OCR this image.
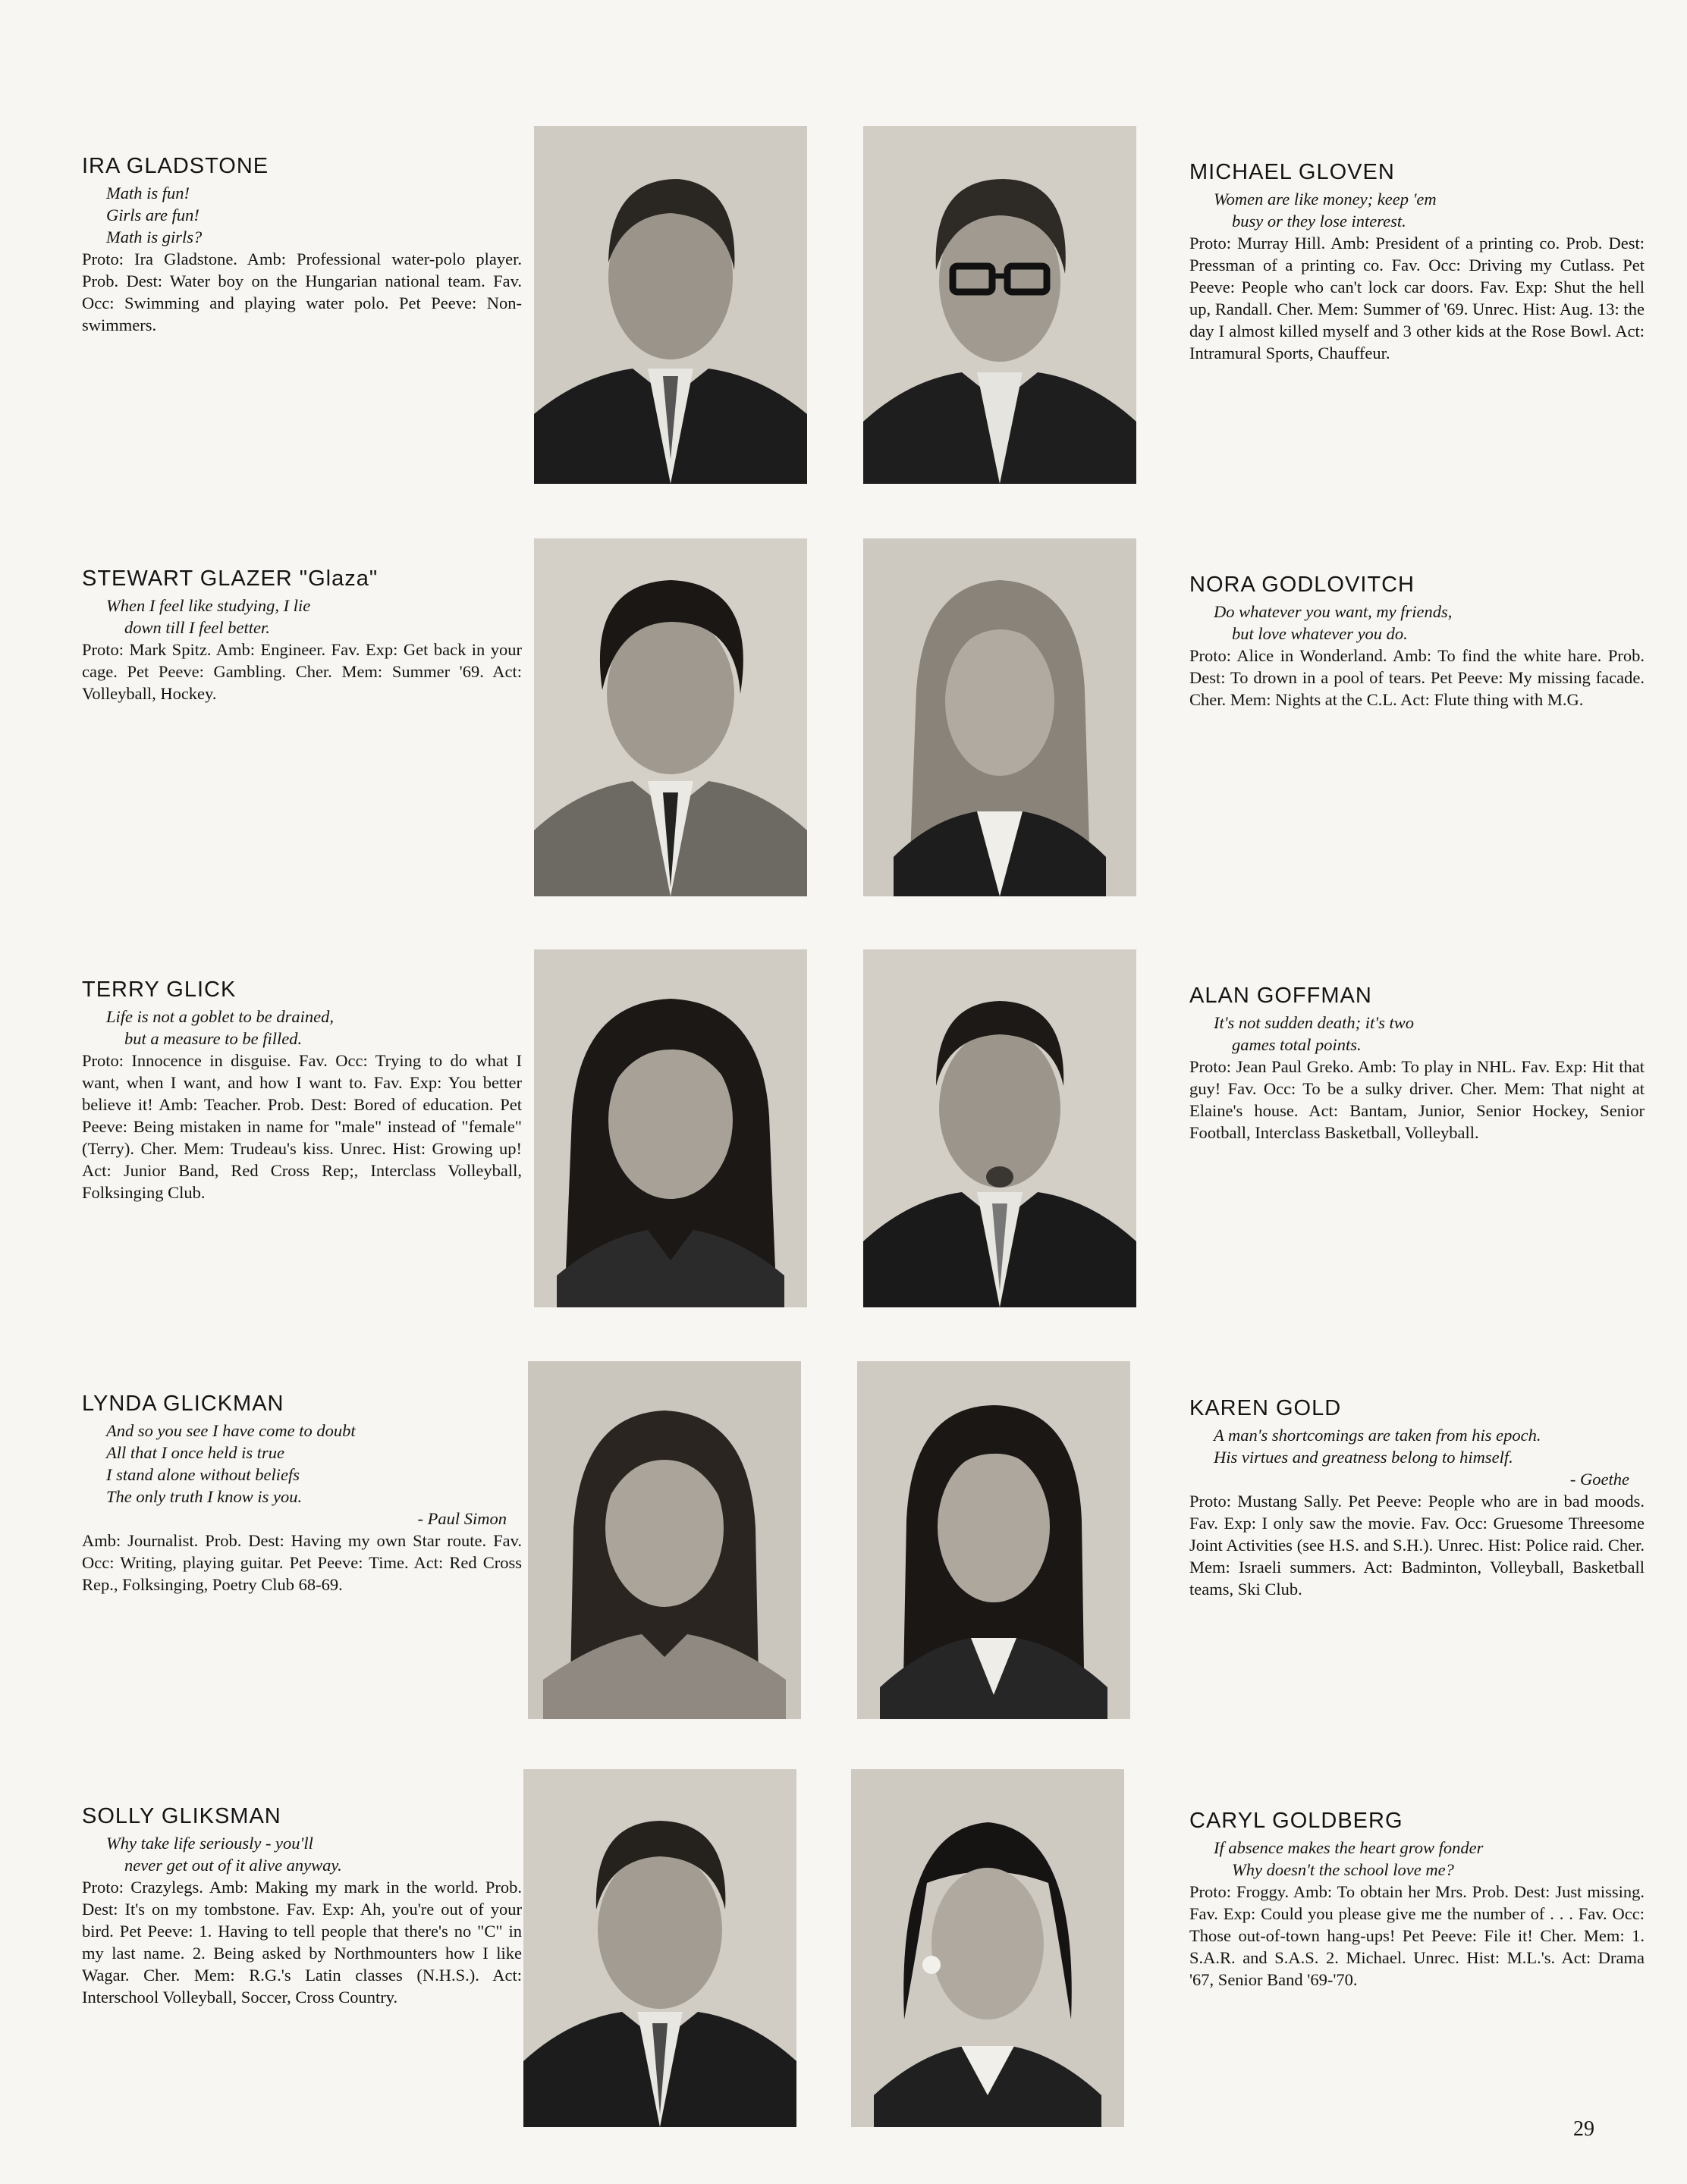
IRA GLADSTONE
Math is fun!
Girls are fun!
Math is girls?
Proto: Ira Gladstone. Amb: Professional water-polo player. Prob. Dest: Water boy on the Hungarian national team. Fav. Occ: Swimming and playing water polo. Pet Peeve: Non-swimmers.
MICHAEL GLOVEN
Women are like money; keep 'em
busy or they lose interest.
Proto: Murray Hill. Amb: President of a printing co. Prob. Dest: Pressman of a printing co. Fav. Occ: Driving my Cutlass. Pet Peeve: People who can't lock car doors. Fav. Exp: Shut the hell up, Randall. Cher. Mem: Summer of '69. Unrec. Hist: Aug. 13: the day I almost killed myself and 3 other kids at the Rose Bowl. Act: Intramural Sports, Chauffeur.
STEWART GLAZER "Glaza"
When I feel like studying, I lie
down till I feel better.
Proto: Mark Spitz. Amb: Engineer. Fav. Exp: Get back in your cage. Pet Peeve: Gambling. Cher. Mem: Summer '69. Act: Volleyball, Hockey.
NORA GODLOVITCH
Do whatever you want, my friends,
but love whatever you do.
Proto: Alice in Wonderland. Amb: To find the white hare. Prob. Dest: To drown in a pool of tears. Pet Peeve: My missing facade. Cher. Mem: Nights at the C.L. Act: Flute thing with M.G.
TERRY GLICK
Life is not a goblet to be drained,
but a measure to be filled.
Proto: Innocence in disguise. Fav. Occ: Trying to do what I want, when I want, and how I want to. Fav. Exp: You better believe it! Amb: Teacher. Prob. Dest: Bored of education. Pet Peeve: Being mistaken in name for "male" instead of "female" (Terry). Cher. Mem: Trudeau's kiss. Unrec. Hist: Growing up! Act: Junior Band, Red Cross Rep;, Interclass Volleyball, Folksinging Club.
ALAN GOFFMAN
It's not sudden death; it's two
games total points.
Proto: Jean Paul Greko. Amb: To play in NHL. Fav. Exp: Hit that guy! Fav. Occ: To be a sulky driver. Cher. Mem: That night at Elaine's house. Act: Bantam, Junior, Senior Hockey, Senior Football, Interclass Basketball, Volleyball.
LYNDA GLICKMAN
And so you see I have come to doubt
All that I once held is true
I stand alone without beliefs
The only truth I know is you.
- Paul Simon
Amb: Journalist. Prob. Dest: Having my own Star route. Fav. Occ: Writing, playing guitar. Pet Peeve: Time. Act: Red Cross Rep., Folksinging, Poetry Club 68-69.
KAREN GOLD
A man's shortcomings are taken from his epoch.
His virtues and greatness belong to himself.
- Goethe
Proto: Mustang Sally. Pet Peeve: People who are in bad moods. Fav. Exp: I only saw the movie. Fav. Occ: Gruesome Threesome Joint Activities (see H.S. and S.H.). Unrec. Hist: Police raid. Cher. Mem: Israeli summers. Act: Badminton, Volleyball, Basketball teams, Ski Club.
SOLLY GLIKSMAN
Why take life seriously - you'll
never get out of it alive anyway.
Proto: Crazylegs. Amb: Making my mark in the world. Prob. Dest: It's on my tombstone. Fav. Exp: Ah, you're out of your bird. Pet Peeve: 1. Having to tell people that there's no "C" in my last name. 2. Being asked by Northmounters how I like Wagar. Cher. Mem: R.G.'s Latin classes (N.H.S.). Act: Interschool Volleyball, Soccer, Cross Country.
CARYL GOLDBERG
If absence makes the heart grow fonder
Why doesn't the school love me?
Proto: Froggy. Amb: To obtain her Mrs. Prob. Dest: Just missing. Fav. Exp: Could you please give me the number of . . . Fav. Occ: Those out-of-town hang-ups! Pet Peeve: File it! Cher. Mem: 1. S.A.R. and S.A.S. 2. Michael. Unrec. Hist: M.L.'s. Act: Drama '67, Senior Band '69-'70.
29
